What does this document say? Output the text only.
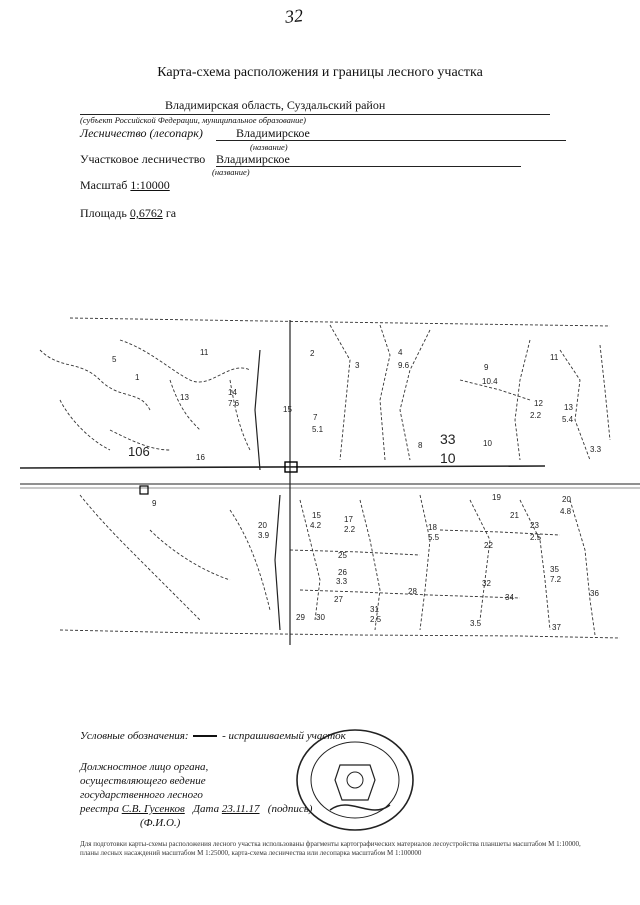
32
Карта-схема расположения и границы лесного участка
Владимирская область, Суздальский район
(субъект Российской Федерации, муниципальное образование)
Лесничество (лесопарк)	Владимирское
(название)
Участковое лесничество Владимирское
(название)
Масштаб 1:10000
Площадь 0,6762 га
5
11
1
2
3
4
9
11
13
12	13
14
7
15
8	10
33
16
9.6
10.4
7.6
5.1
2.2	5.4
3.3
106	10
9
19	20
21
23
20
15	17
18
22
25
26
28
32
35
36
27
29 30
31
37
34
3.9
4.2	2.2
5.5
4.8
2.5
3.3	7.2
2.5	3.5
Условные обозначения:	- испрашиваемый участок
Должностное лицо органа,
осуществляющего ведение
государственного лесного
реестра С.В. Гусенков Дата 23.11.17 (подпись)
(Ф.И.О.)
Для подготовки карты-схемы расположения лесного участка использованы фрагменты картографических материалов лесоустройства планшеты масштабом М 1:10000, планы лесных насаждений масштабом М 1:25000, карта-схема лесничества или лесопарка масштабом М 1:100000
